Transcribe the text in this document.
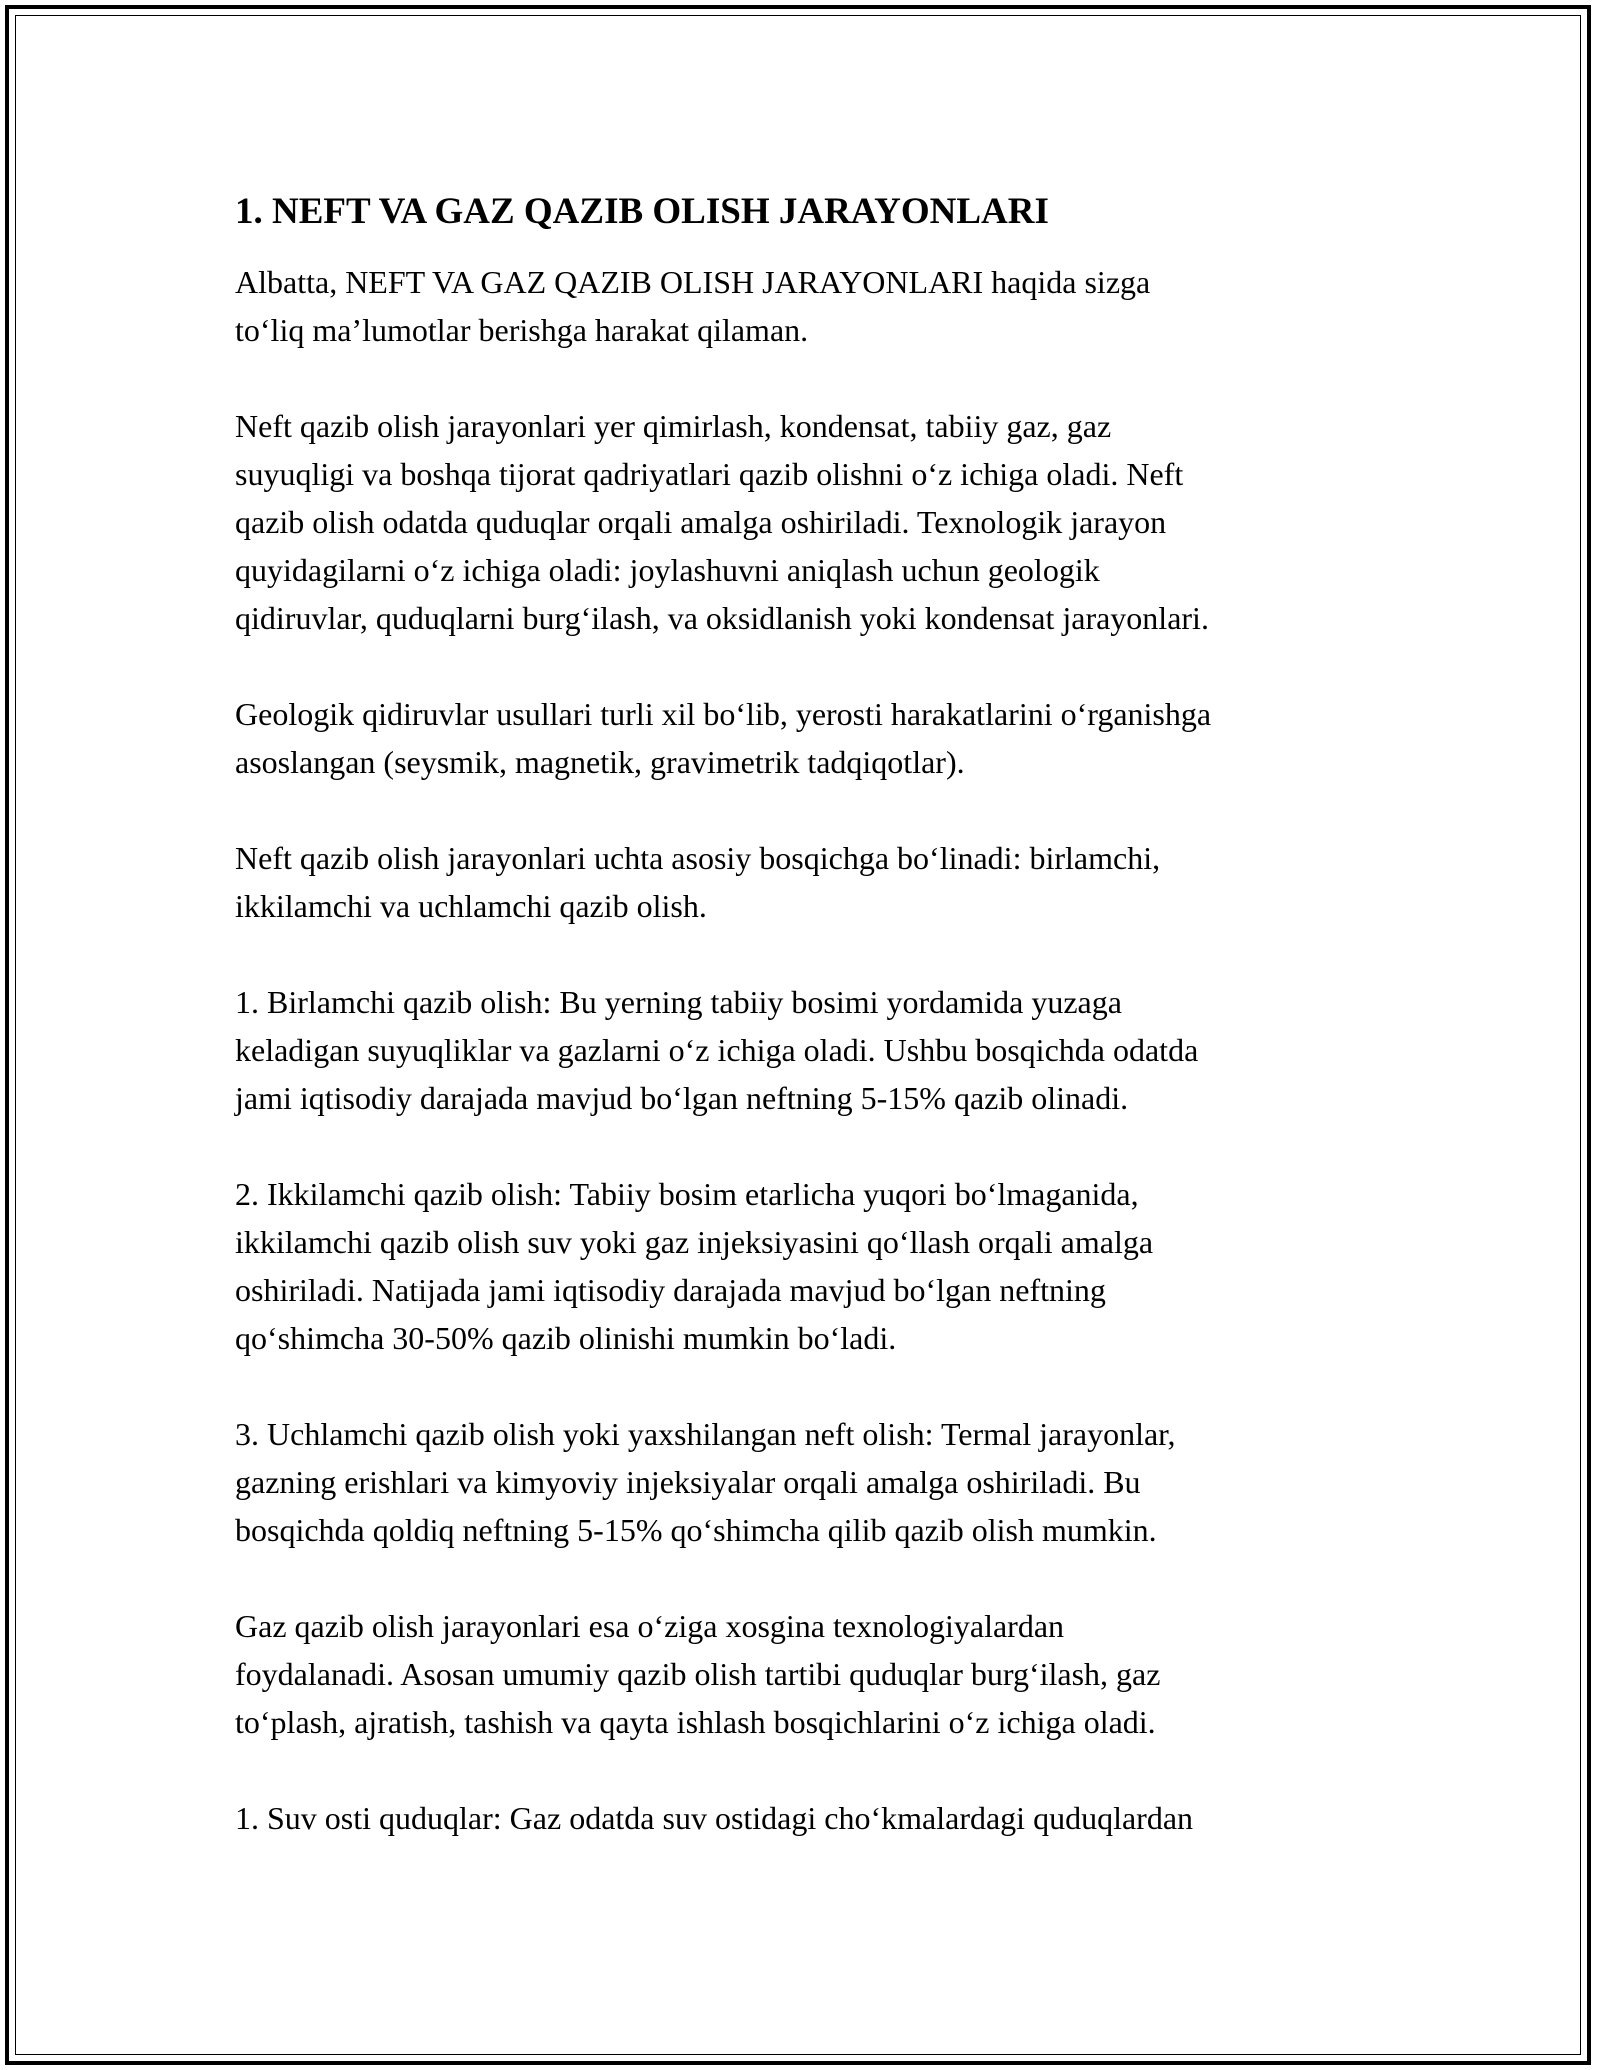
1. NEFT VA GAZ QAZIB OLISH JARAYONLARI

Albatta, NEFT VA GAZ QAZIB OLISH JARAYONLARI haqida sizga
to‘liq ma’lumotlar berishga harakat qilaman.

Neft qazib olish jarayonlari yer qimirlash, kondensat, tabiiy gaz, gaz
suyuqligi va boshqa tijorat qadriyatlari qazib olishni o‘z ichiga oladi. Neft
qazib olish odatda quduqlar orqali amalga oshiriladi. Texnologik jarayon
quyidagilarni o‘z ichiga oladi: joylashuvni aniqlash uchun geologik
qidiruvlar, quduqlarni burg‘ilash, va oksidlanish yoki kondensat jarayonlari.

Geologik qidiruvlar usullari turli xil bo‘lib, yerosti harakatlarini o‘rganishga
asoslangan (seysmik, magnetik, gravimetrik tadqiqotlar).

Neft qazib olish jarayonlari uchta asosiy bosqichga bo‘linadi: birlamchi,
ikkilamchi va uchlamchi qazib olish.

1. Birlamchi qazib olish: Bu yerning tabiiy bosimi yordamida yuzaga
keladigan suyuqliklar va gazlarni o‘z ichiga oladi. Ushbu bosqichda odatda
jami iqtisodiy darajada mavjud bo‘lgan neftning 5-15% qazib olinadi.

2. Ikkilamchi qazib olish: Tabiiy bosim etarlicha yuqori bo‘lmaganida,
ikkilamchi qazib olish suv yoki gaz injeksiyasini qo‘llash orqali amalga
oshiriladi. Natijada jami iqtisodiy darajada mavjud bo‘lgan neftning
qo‘shimcha 30-50% qazib olinishi mumkin bo‘ladi.

3. Uchlamchi qazib olish yoki yaxshilangan neft olish: Termal jarayonlar,
gazning erishlari va kimyoviy injeksiyalar orqali amalga oshiriladi. Bu
bosqichda qoldiq neftning 5-15% qo‘shimcha qilib qazib olish mumkin.

Gaz qazib olish jarayonlari esa o‘ziga xosgina texnologiyalardan
foydalanadi. Asosan umumiy qazib olish tartibi quduqlar burg‘ilash, gaz
to‘plash, ajratish, tashish va qayta ishlash bosqichlarini o‘z ichiga oladi.

1. Suv osti quduqlar: Gaz odatda suv ostidagi cho‘kmalardagi quduqlardan
